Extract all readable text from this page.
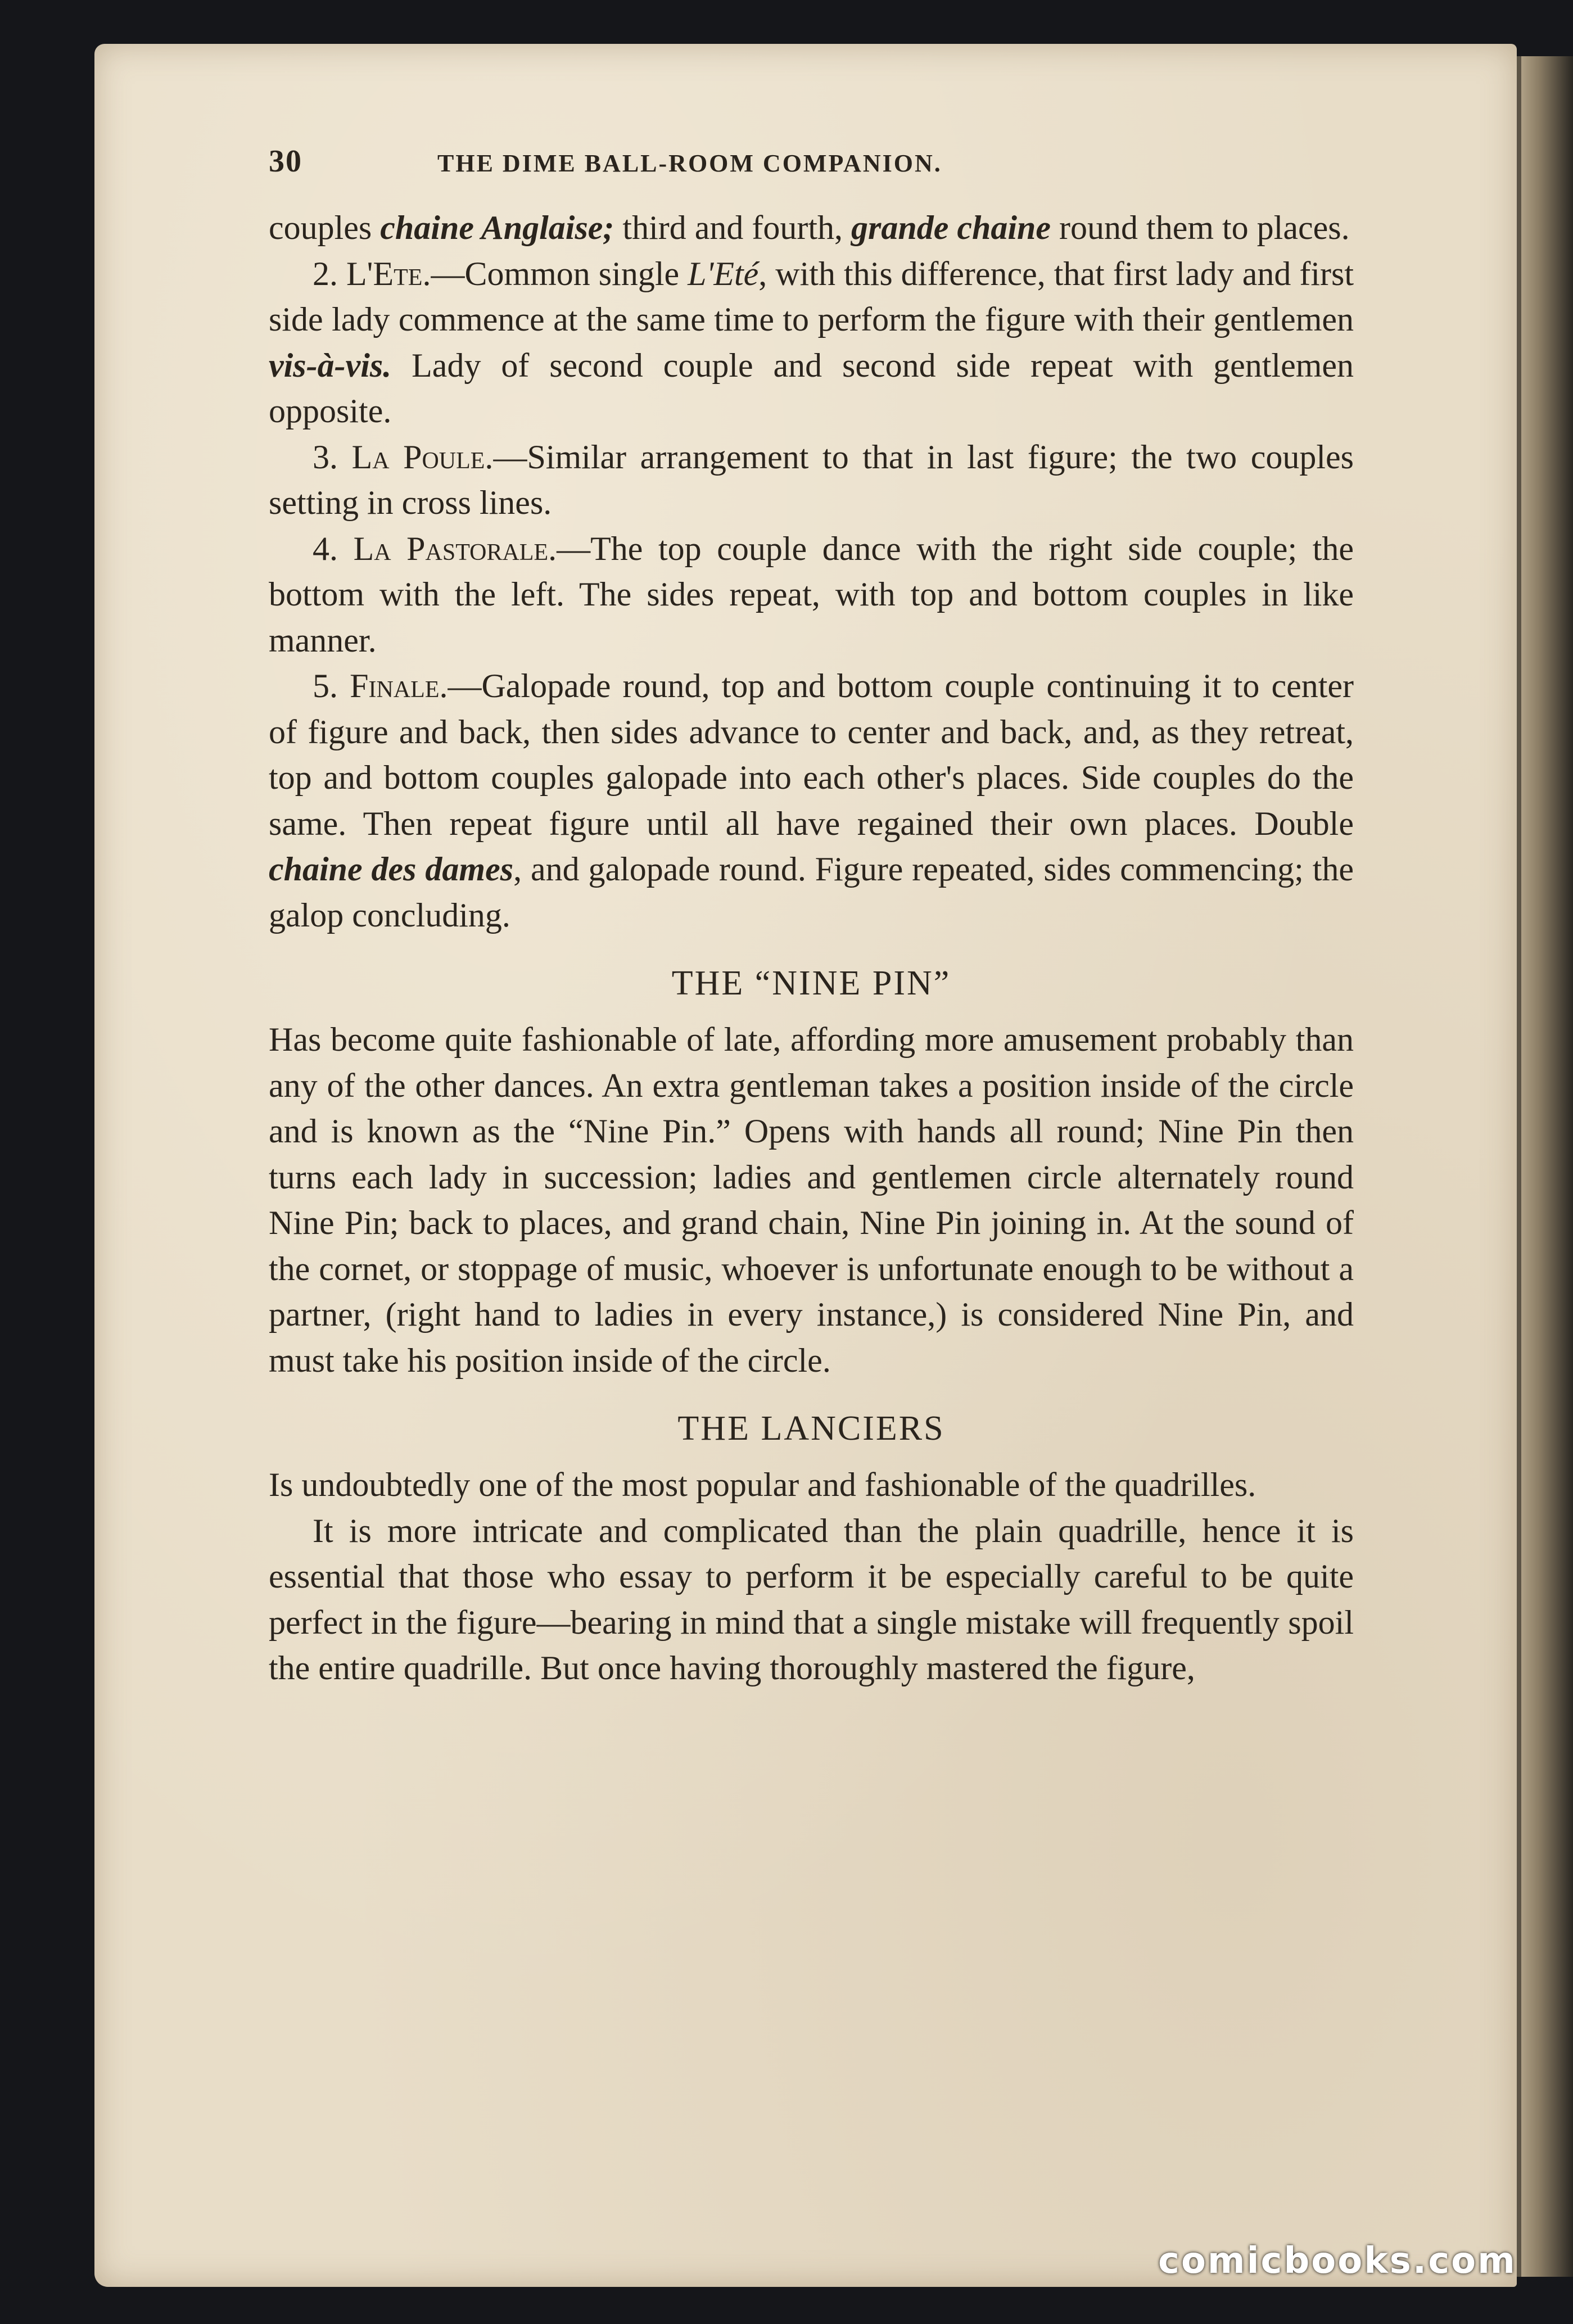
30	THE DIME BALL-ROOM COMPANION.

couples chaine Anglaise; third and fourth, grande chaine round them to places.

2. L'Ete.—Common single L'Eté, with this difference, that first lady and first side lady commence at the same time to perform the figure with their gentlemen vis-à-vis. Lady of second couple and second side repeat with gentlemen opposite.

3. La Poule.—Similar arrangement to that in last figure; the two couples setting in cross lines.

4. La Pastorale.—The top couple dance with the right side couple; the bottom with the left. The sides repeat, with top and bottom couples in like manner.

5. Finale.—Galopade round, top and bottom couple continuing it to center of figure and back, then sides advance to center and back, and, as they retreat, top and bottom couples galopade into each other's places. Side couples do the same. Then repeat figure until all have regained their own places. Double chaine des dames, and galopade round. Figure repeated, sides commencing; the galop concluding.

THE “NINE PIN”

Has become quite fashionable of late, affording more amusement probably than any of the other dances. An extra gentleman takes a position inside of the circle and is known as the “Nine Pin.” Opens with hands all round; Nine Pin then turns each lady in succession; ladies and gentlemen circle alternately round Nine Pin; back to places, and grand chain, Nine Pin joining in. At the sound of the cornet, or stoppage of music, whoever is unfortunate enough to be without a partner, (right hand to ladies in every instance,) is considered Nine Pin, and must take his position inside of the circle.

THE LANCIERS

Is undoubtedly one of the most popular and fashionable of the quadrilles.

It is more intricate and complicated than the plain quadrille, hence it is essential that those who essay to perform it be especially careful to be quite perfect in the figure—bearing in mind that a single mistake will frequently spoil the entire quadrille. But once having thoroughly mastered the figure,

comicbooks.com
